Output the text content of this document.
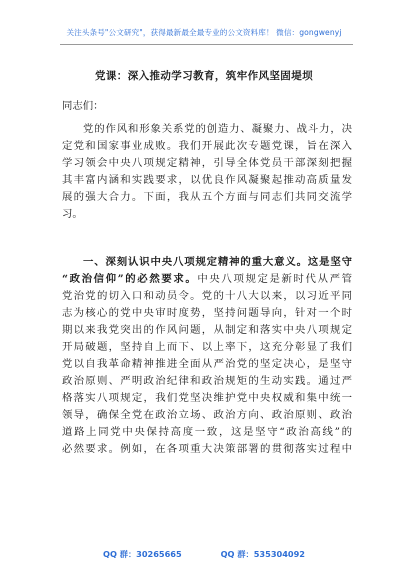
关注头条号"公文研究"，获得最新最全最专业的公文资料库！ 微信：gongwenyj
党课：深入推动学习教育，筑牢作风坚固堤坝
同志们：
党的作风和形象关系党的创造力、凝聚力、战斗力，决
定党和国家事业成败。我们开展此次专题党课，旨在深入
学习领会中央八项规定精神，引导全体党员干部深刻把握
其丰富内涵和实践要求，以优良作风凝聚起推动高质量发
展的强大合力。下面，我从五个方面与同志们共同交流学
习。
一、深刻认识中央八项规定精神的重大意义。这是坚守
“政治信仰”的必然要求。中央八项规定是新时代从严管
党治党的切入口和动员令。党的十八大以来，以习近平同
志为核心的党中央审时度势，坚持问题导向，针对一个时
期以来我党突出的作风问题，从制定和落实中央八项规定
开局破题，坚持自上而下、以上率下，这充分彰显了我们
党以自我革命精神推进全面从严治党的坚定决心，是坚守
政治原则、严明政治纪律和政治规矩的生动实践。通过严
格落实八项规定，我们党坚决维护党中央权威和集中统一
领导，确保全党在政治立场、政治方向、政治原则、政治
道路上同党中央保持高度一致，这是坚守“政治高线”的
必然要求。例如，在各项重大决策部署的贯彻落实过程中
QQ 群：30265665	QQ 群：535304092
